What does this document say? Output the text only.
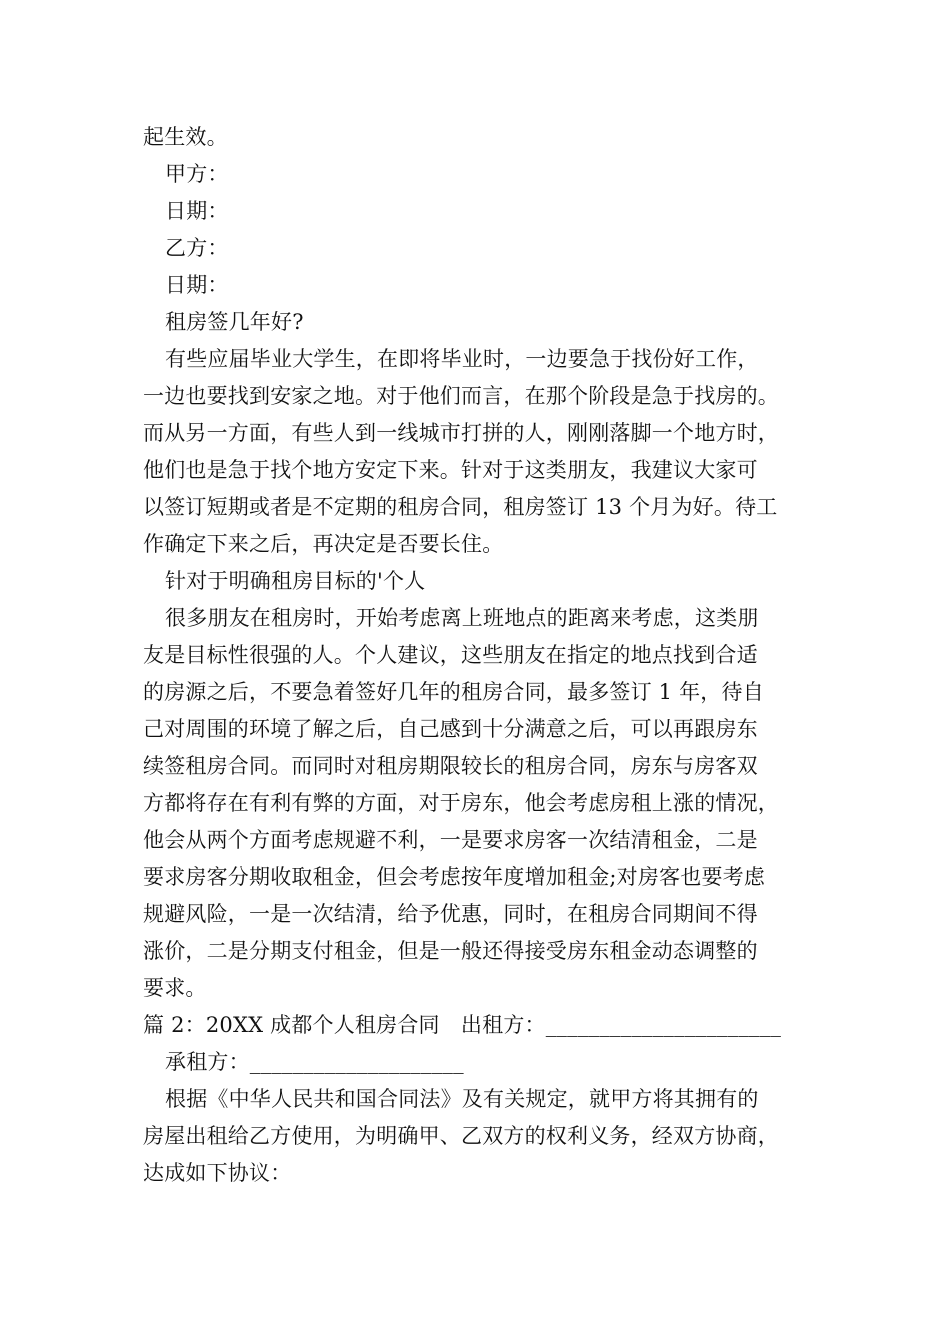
起生效。
甲方：
日期：
乙方：
日期：
租房签几年好?
有些应届毕业大学生，在即将毕业时，一边要急于找份好工作，
一边也要找到安家之地。对于他们而言，在那个阶段是急于找房的。
而从另一方面，有些人到一线城市打拼的人，刚刚落脚一个地方时，
他们也是急于找个地方安定下来。针对于这类朋友，我建议大家可
以签订短期或者是不定期的租房合同，租房签订 13 个月为好。待工
作确定下来之后，再决定是否要长住。
针对于明确租房目标的'个人
很多朋友在租房时，开始考虑离上班地点的距离来考虑，这类朋
友是目标性很强的人。个人建议，这些朋友在指定的地点找到合适
的房源之后，不要急着签好几年的租房合同，最多签订 1 年，待自
己对周围的环境了解之后，自己感到十分满意之后，可以再跟房东
续签租房合同。而同时对租房期限较长的租房合同，房东与房客双
方都将存在有利有弊的方面，对于房东，他会考虑房租上涨的情况，
他会从两个方面考虑规避不利，一是要求房客一次结清租金，二是
要求房客分期收取租金，但会考虑按年度增加租金;对房客也要考虑
规避风险，一是一次结清，给予优惠，同时，在租房合同期间不得
涨价，二是分期支付租金，但是一般还得接受房东租金动态调整的
要求。
篇 2：20XX 成都个人租房合同　出租方：______________________
承租方：____________________
根据《中华人民共和国合同法》及有关规定，就甲方将其拥有的
房屋出租给乙方使用，为明确甲、乙双方的权利义务，经双方协商，
达成如下协议：
